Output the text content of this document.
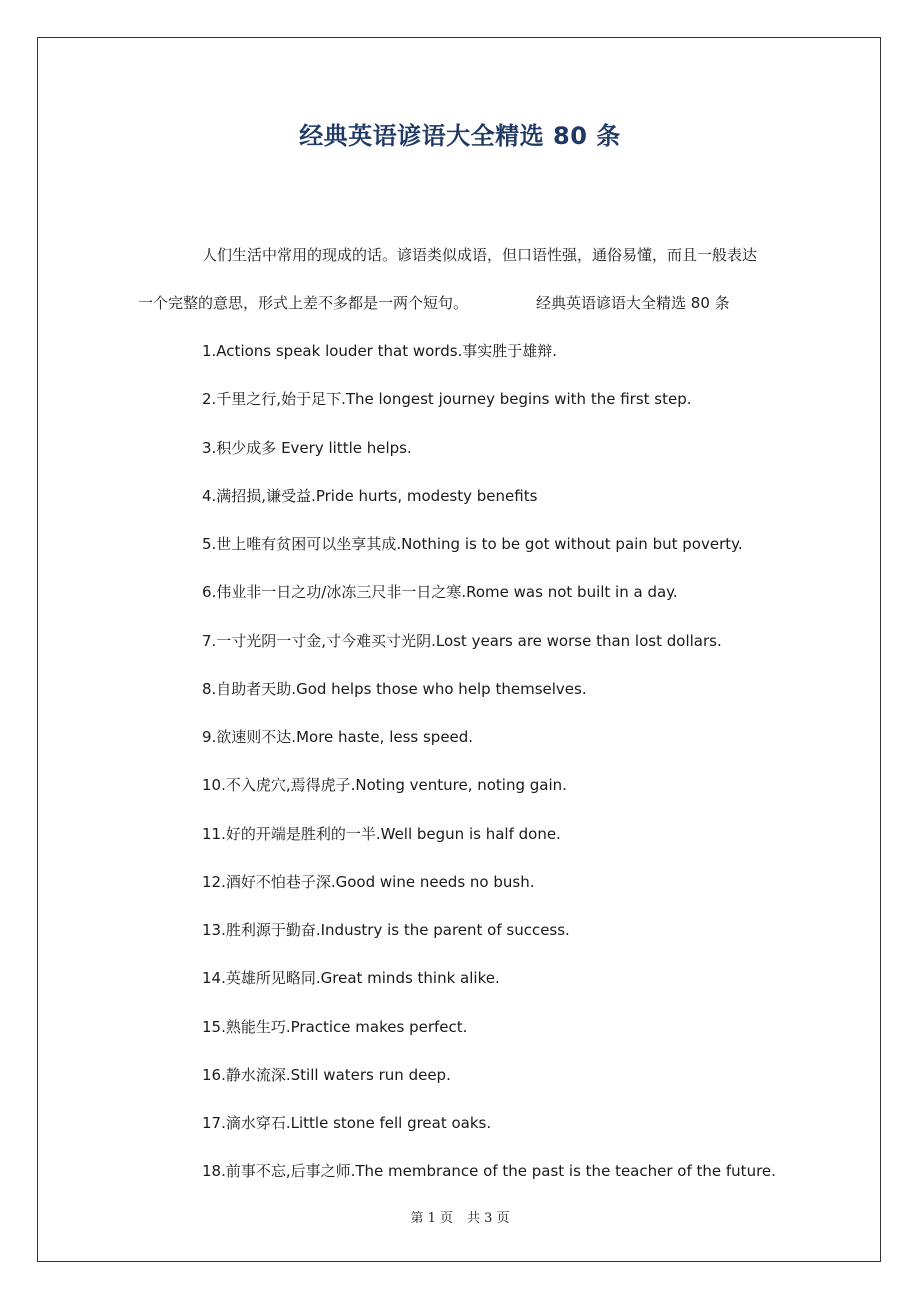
经典英语谚语大全精选 80 条
人们生活中常用的现成的话。谚语类似成语，但口语性强，通俗易懂，而且一般表达
一个完整的意思，形式上差不多都是一两个短句。	经典英语谚语大全精选 80 条
1.Actions speak louder that words.事实胜于雄辩.
2.千里之行,始于足下.The longest journey begins with the first step.
3.积少成多 Every little helps.
4.满招损,谦受益.Pride hurts, modesty benefits
5.世上唯有贫困可以坐享其成.Nothing is to be got without pain but poverty.
6.伟业非一日之功/冰冻三尺非一日之寒.Rome was not built in a day.
7.一寸光阴一寸金,寸今难买寸光阴.Lost years are worse than lost dollars.
8.自助者天助.God helps those who help themselves.
9.欲速则不达.More haste, less speed.
10.不入虎穴,焉得虎子.Noting venture, noting gain.
11.好的开端是胜利的一半.Well begun is half done.
12.酒好不怕巷子深.Good wine needs no bush.
13.胜利源于勤奋.Industry is the parent of success.
14.英雄所见略同.Great minds think alike.
15.熟能生巧.Practice makes perfect.
16.静水流深.Still waters run deep.
17.滴水穿石.Little stone fell great oaks.
18.前事不忘,后事之师.The membrance of the past is the teacher of the future.
第 1 页 共 3 页
